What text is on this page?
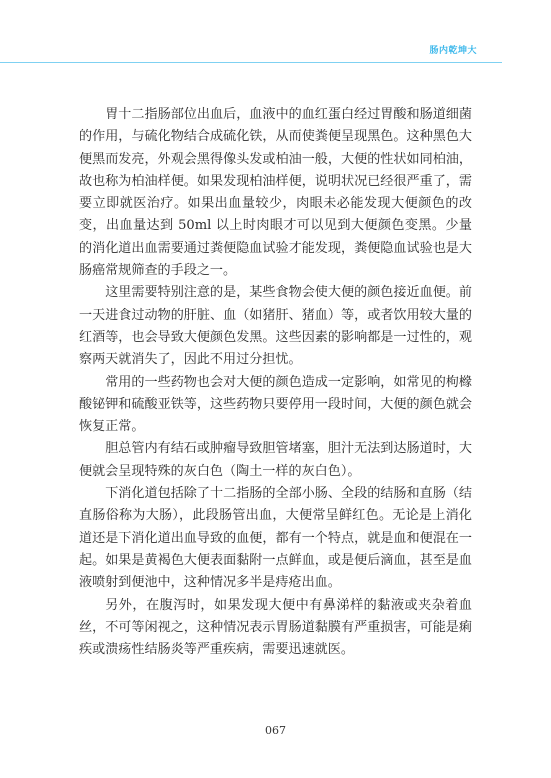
肠内乾坤大

胃十二指肠部位出血后，血液中的血红蛋白经过胃酸和肠道细菌的作用，与硫化物结合成硫化铁，从而使粪便呈现黑色。这种黑色大便黑而发亮，外观会黑得像头发或柏油一般，大便的性状如同柏油，故也称为柏油样便。如果发现柏油样便，说明状况已经很严重了，需要立即就医治疗。如果出血量较少，肉眼未必能发现大便颜色的改变，出血量达到 50ml 以上时肉眼才可以见到大便颜色变黑。少量的消化道出血需要通过粪便隐血试验才能发现，粪便隐血试验也是大肠癌常规筛查的手段之一。

这里需要特别注意的是，某些食物会使大便的颜色接近血便。前一天进食过动物的肝脏、血（如猪肝、猪血）等，或者饮用较大量的红酒等，也会导致大便颜色发黑。这些因素的影响都是一过性的，观察两天就消失了，因此不用过分担忧。

常用的一些药物也会对大便的颜色造成一定影响，如常见的枸橼酸铋钾和硫酸亚铁等，这些药物只要停用一段时间，大便的颜色就会恢复正常。

胆总管内有结石或肿瘤导致胆管堵塞，胆汁无法到达肠道时，大便就会呈现特殊的灰白色（陶土一样的灰白色）。

下消化道包括除了十二指肠的全部小肠、全段的结肠和直肠（结直肠俗称为大肠），此段肠管出血，大便常呈鲜红色。无论是上消化道还是下消化道出血导致的血便，都有一个特点，就是血和便混在一起。如果是黄褐色大便表面黏附一点鲜血，或是便后滴血，甚至是血液喷射到便池中，这种情况多半是痔疮出血。

另外，在腹泻时，如果发现大便中有鼻涕样的黏液或夹杂着血丝，不可等闲视之，这种情况表示胃肠道黏膜有严重损害，可能是痢疾或溃疡性结肠炎等严重疾病，需要迅速就医。

067
